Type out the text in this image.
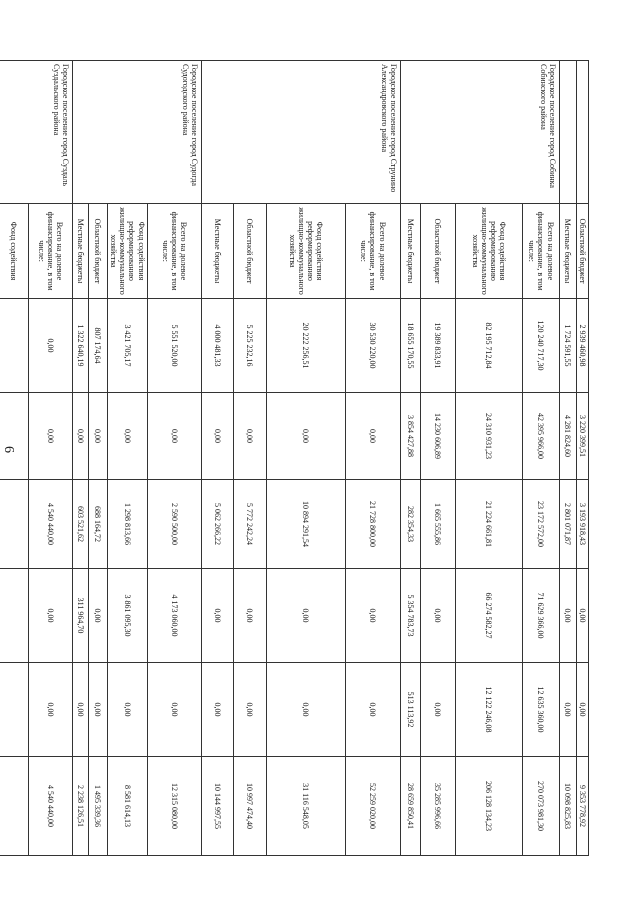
6
	Областной бюджет	2 939 460,98	3 220 399,51	3 193 918,43	0,00	0,00	9 353 778,92
	Местные бюджеты	1 724 591,55	4 281 824,60	2 801 071,87	0,00	0,00	10 098 825,83
Городское поселение город Собинка Собинского района	Всего на долевое финансирование, в том числе:	120 240 717,30	42 395 966,00	23 172 572,00	71 629 366,00	12 635 360,00	270 073 981,30
	Фонд содействия реформированию жилищно-коммунального хозяйства	82 195 712,84	24 310 931,23	21 224 661,81	66 274 582,27	12 122 246,08	206 128 134,23
	Областной бюджет	19 389 833,91	14 230 606,89	1 665 555,86	0,00	0,00	35 285 996,66
	Местные бюджеты	18 655 170,55	3 854 427,88	282 354,33	5 354 783,73	513 113,92	28 659 850,41
Городское поселение город Струнино Александровского района	Всего на долевое финансирование, в том числе:	30 530 220,00	0,00	21 728 800,00	0,00	0,00	52 259 020,00
	Фонд содействия реформированию жилищно-коммунального хозяйства	20 222 256,51	0,00	10 894 291,54	0,00	0,00	31 116 548,05
	Областной бюджет	5 225 232,16	0,00	5 772 242,24	0,00	0,00	10 997 474,40
	Местные бюджеты	4 000 481,33	0,00	5 062 266,22	0,00	0,00	10 144 997,55
Городское поселение город Судогда Судогодского района	Всего на долевое финансирование, в том числе:	5 551 520,00	0,00	2 590 500,00	4 173 060,00	0,00	12 315 080,00
	Фонд содействия реформированию жилищно-коммунального хозяйства	3 421 705,17	0,00	1 298 813,66	3 861 095,30	0,00	8 581 614,13
	Областной бюджет	807 174,64	0,00	688 164,72	0,00	0,00	1 495 339,36
	Местные бюджеты	1 322 640,19	0,00	603 521,62	311 964,70	0,00	2 238 126,51
Городское поселение город Суздаль Суздальского района	Всего на долевое финансирование, в том числе:	0,00	0,00	4 540 440,00	0,00	0,00	4 540 440,00
	Фонд содействия						
